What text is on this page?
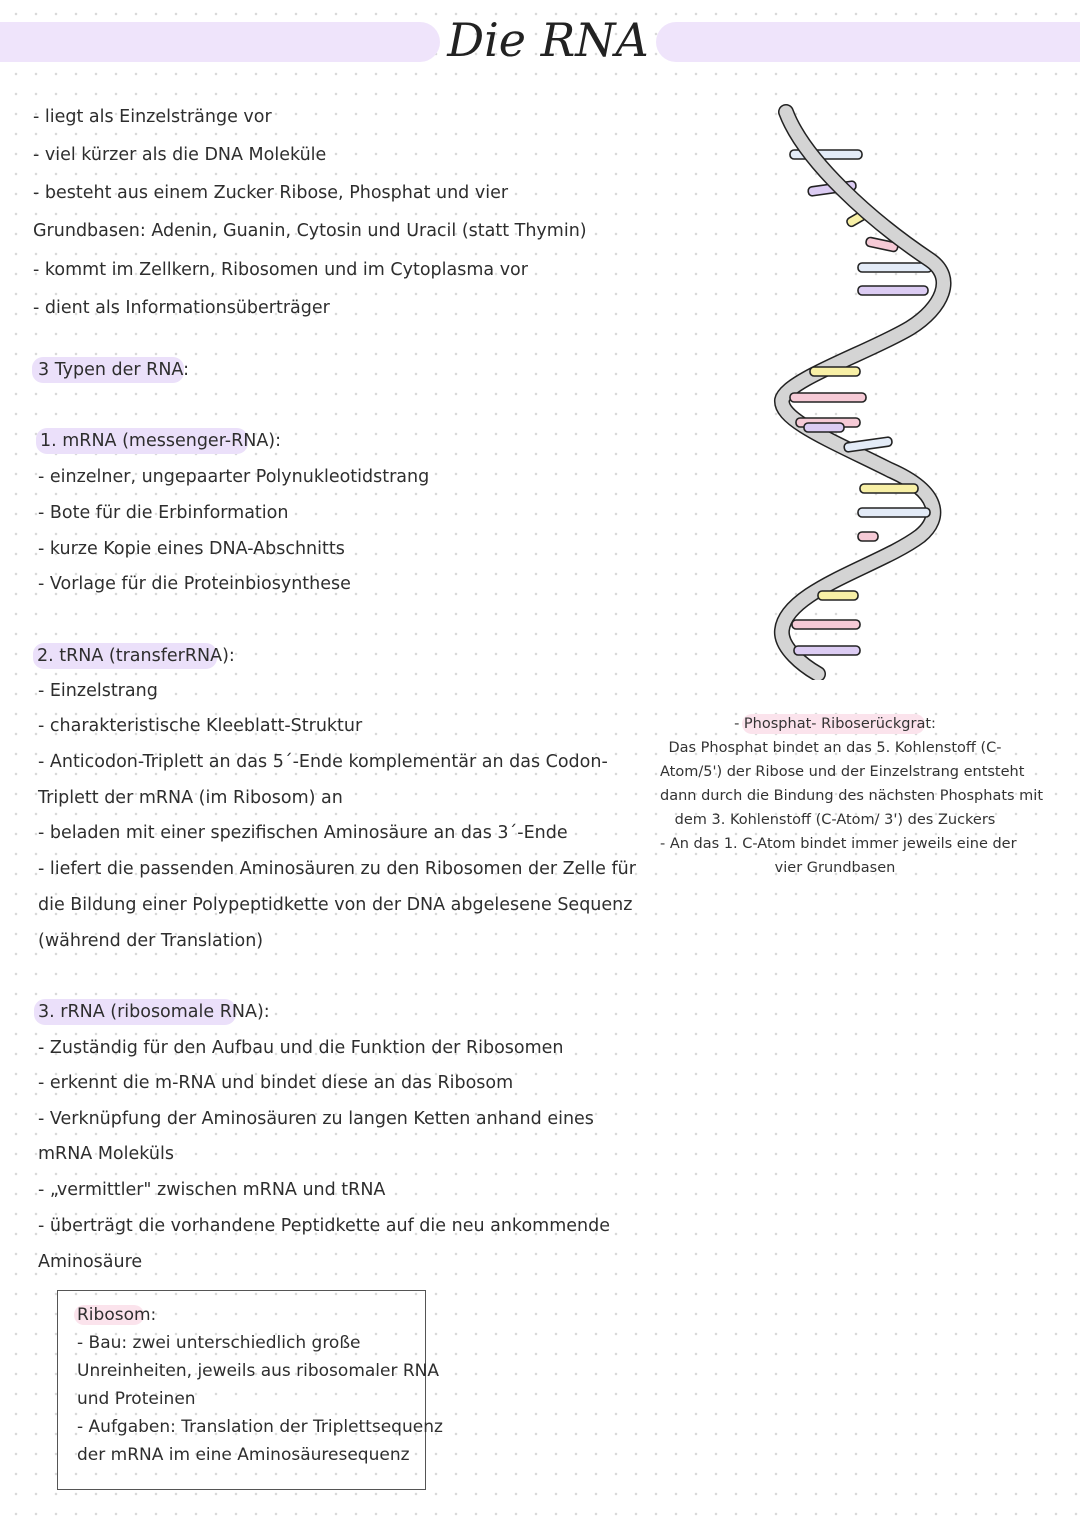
Die RNA
- liegt als Einzelstränge vor
- viel kürzer als die DNA Moleküle
- besteht aus einem Zucker Ribose, Phosphat und vier
Grundbasen: Adenin, Guanin, Cytosin und Uracil (statt Thymin)
- kommt im Zellkern, Ribosomen und im Cytoplasma vor
- dient als Informationsüberträger
3 Typen der RNA:
1. mRNA (messenger-RNA):
- einzelner, ungepaarter Polynukleotidstrang
- Bote für die Erbinformation
- kurze Kopie eines DNA-Abschnitts
- Vorlage für die Proteinbiosynthese
2. tRNA (transferRNA):
- Einzelstrang
- charakteristische Kleeblatt-Struktur
- Anticodon-Triplett an das 5´-Ende komplementär an das Codon-
Triplett der mRNA (im Ribosom) an
- beladen mit einer spezifischen Aminosäure an das 3´-Ende
- liefert die passenden Aminosäuren zu den Ribosomen der Zelle für
die Bildung einer Polypeptidkette von der DNA abgelesene Sequenz
(während der Translation)
3. rRNA (ribosomale RNA):
- Zuständig für den Aufbau und die Funktion der Ribosomen
- erkennt die m-RNA und bindet diese an das Ribosom
- Verknüpfung der Aminosäuren zu langen Ketten anhand eines
mRNA Moleküls
- „vermittler" zwischen mRNA und tRNA
- überträgt die vorhandene Peptidkette auf die neu ankommende
Aminosäure
Ribosom:
- Bau: zwei unterschiedlich große
Unreinheiten, jeweils aus ribosomaler RNA
und Proteinen
- Aufgaben: Translation der Triplettsequenz
der mRNA im eine Aminosäuresequenz
- Phosphat- Riboserückgrat:
Das Phosphat bindet an das 5. Kohlenstoff (C-
Atom/5') der Ribose und der Einzelstrang entsteht
dann durch die Bindung des nächsten Phosphats mit
dem 3. Kohlenstoff (C-Atom/ 3') des Zuckers
- An das 1. C-Atom bindet immer jeweils eine der
vier Grundbasen
